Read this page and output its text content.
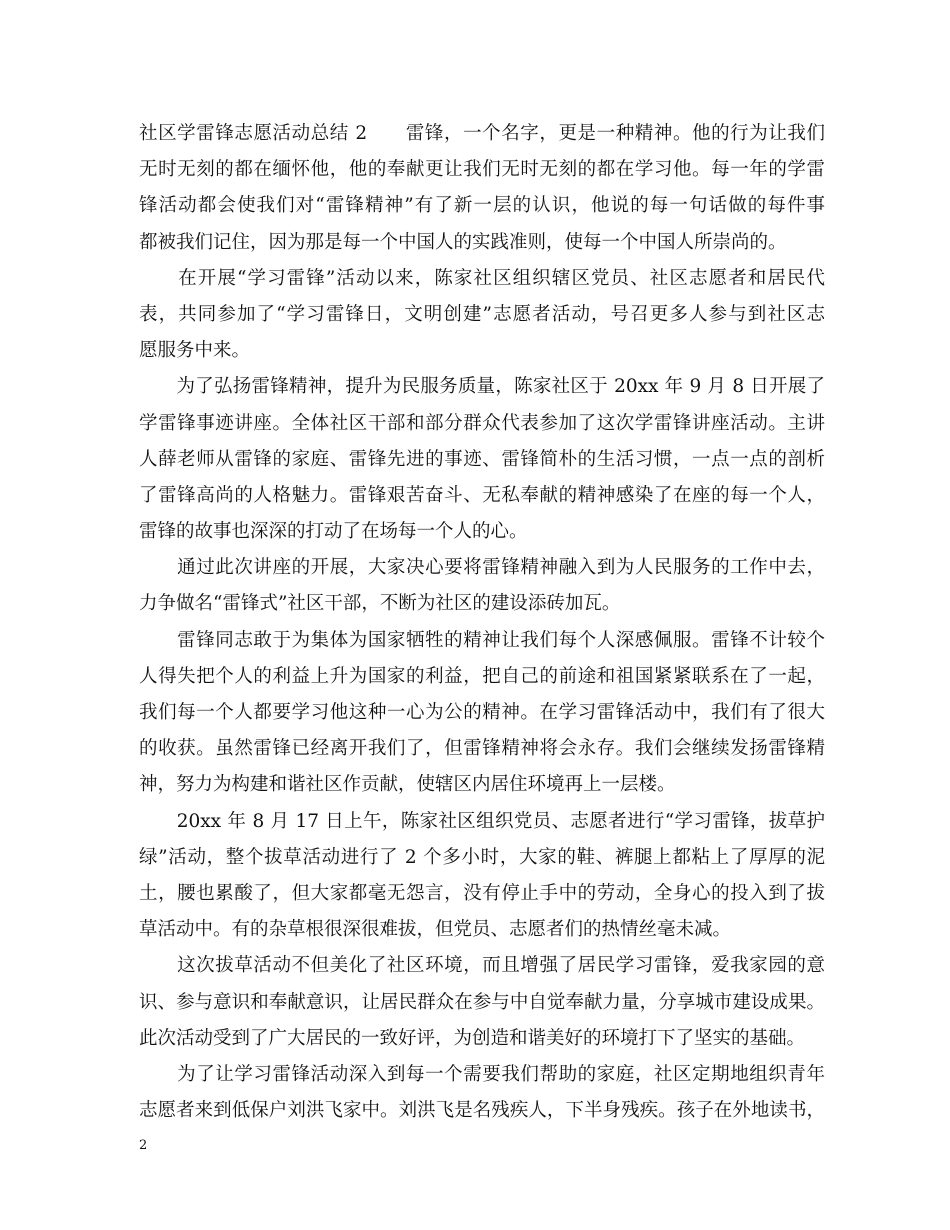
社区学雷锋志愿活动总结 2　　雷锋，一个名字，更是一种精神。他的行为让我们
无时无刻的都在缅怀他，他的奉献更让我们无时无刻的都在学习他。每一年的学雷
锋活动都会使我们对“雷锋精神”有了新一层的认识，他说的每一句话做的每件事
都被我们记住，因为那是每一个中国人的实践准则，使每一个中国人所崇尚的。
　　在开展“学习雷锋”活动以来，陈家社区组织辖区党员、社区志愿者和居民代
表，共同参加了“学习雷锋日，文明创建”志愿者活动，号召更多人参与到社区志
愿服务中来。
　　为了弘扬雷锋精神，提升为民服务质量，陈家社区于 20xx 年 9 月 8 日开展了
学雷锋事迹讲座。全体社区干部和部分群众代表参加了这次学雷锋讲座活动。主讲
人薛老师从雷锋的家庭、雷锋先进的事迹、雷锋简朴的生活习惯，一点一点的剖析
了雷锋高尚的人格魅力。雷锋艰苦奋斗、无私奉献的精神感染了在座的每一个人，
雷锋的故事也深深的打动了在场每一个人的心。
　　通过此次讲座的开展，大家决心要将雷锋精神融入到为人民服务的工作中去，
力争做名“雷锋式”社区干部，不断为社区的建设添砖加瓦。
　　雷锋同志敢于为集体为国家牺牲的精神让我们每个人深感佩服。雷锋不计较个
人得失把个人的利益上升为国家的利益，把自己的前途和祖国紧紧联系在了一起，
我们每一个人都要学习他这种一心为公的精神。在学习雷锋活动中，我们有了很大
的收获。虽然雷锋已经离开我们了，但雷锋精神将会永存。我们会继续发扬雷锋精
神，努力为构建和谐社区作贡献，使辖区内居住环境再上一层楼。
　　20xx 年 8 月 17 日上午，陈家社区组织党员、志愿者进行“学习雷锋，拔草护
绿”活动，整个拔草活动进行了 2 个多小时，大家的鞋、裤腿上都粘上了厚厚的泥
土，腰也累酸了，但大家都毫无怨言，没有停止手中的劳动，全身心的投入到了拔
草活动中。有的杂草根很深很难拔，但党员、志愿者们的热情丝毫未减。
　　这次拔草活动不但美化了社区环境，而且增强了居民学习雷锋，爱我家园的意
识、参与意识和奉献意识，让居民群众在参与中自觉奉献力量，分享城市建设成果。
此次活动受到了广大居民的一致好评，为创造和谐美好的环境打下了坚实的基础。
　　为了让学习雷锋活动深入到每一个需要我们帮助的家庭，社区定期地组织青年
志愿者来到低保户刘洪飞家中。刘洪飞是名残疾人，下半身残疾。孩子在外地读书，
2
